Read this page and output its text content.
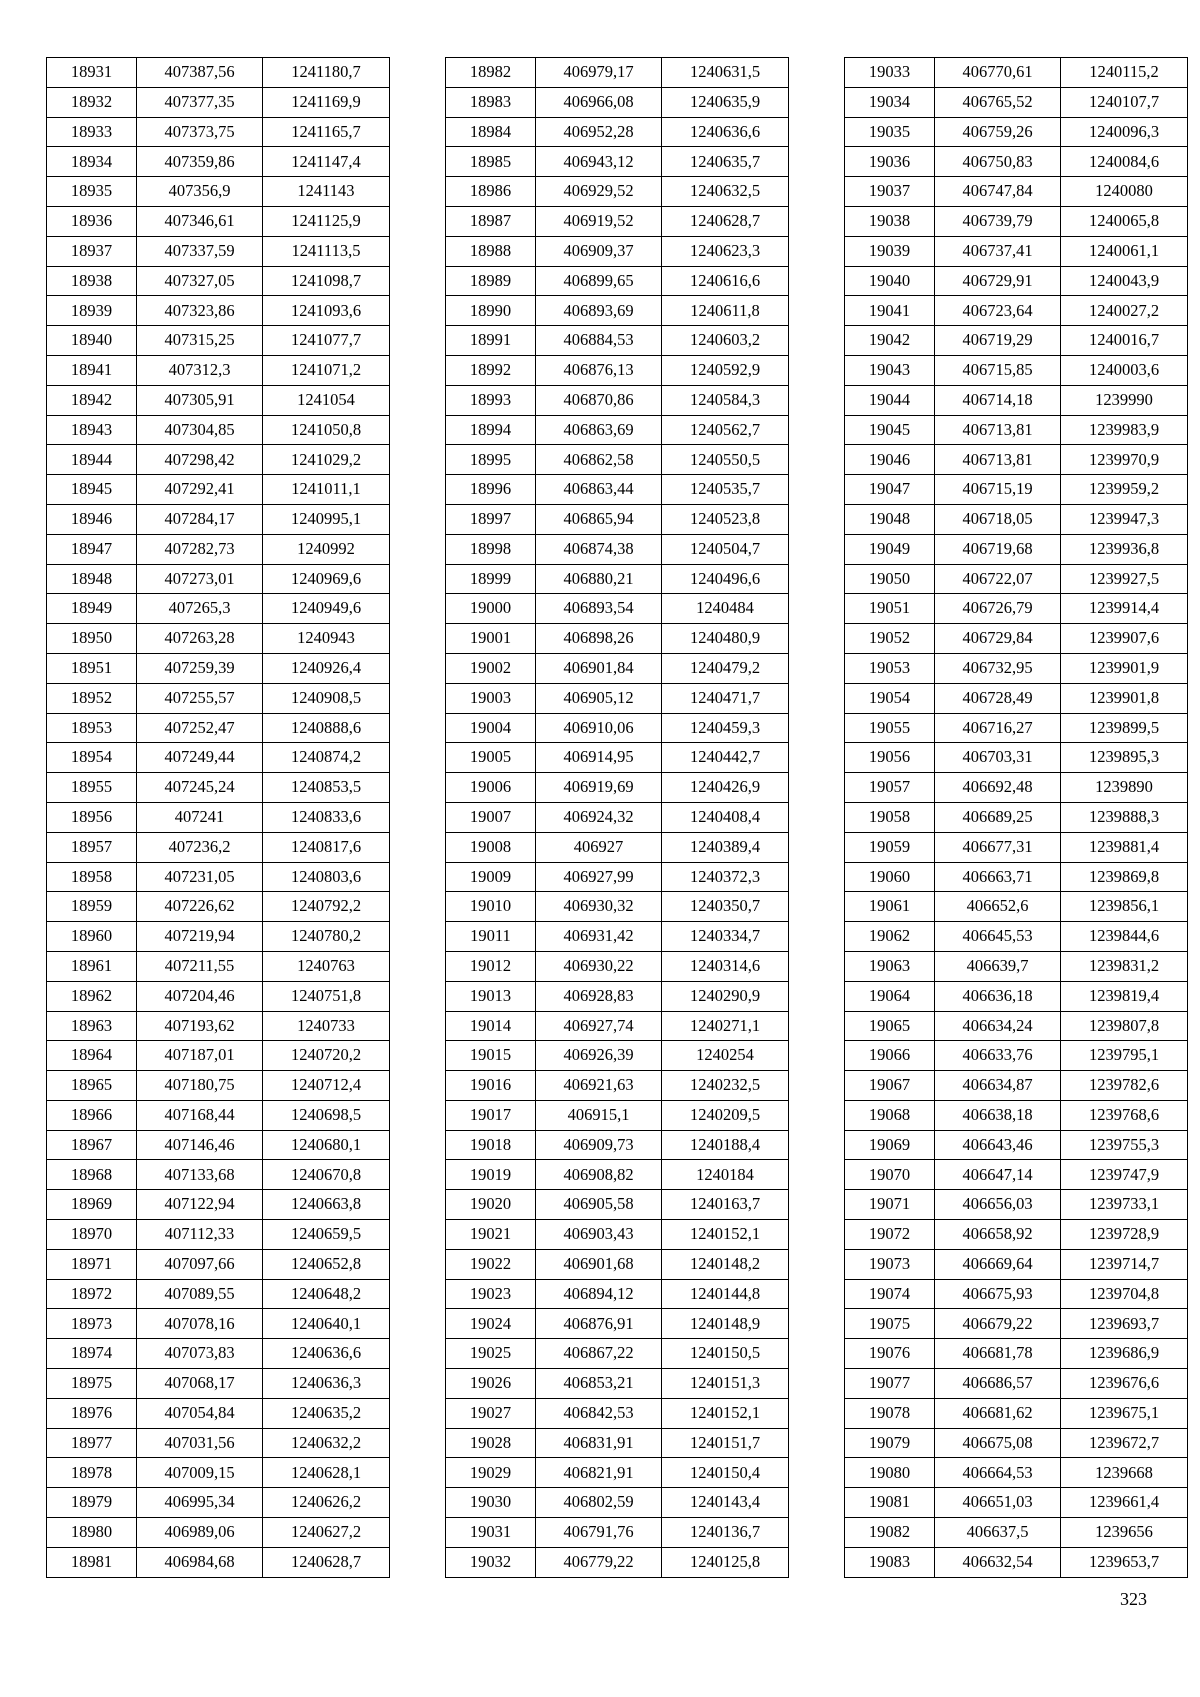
18931	407387,56	1241180,7
18932	407377,35	1241169,9
18933	407373,75	1241165,7
18934	407359,86	1241147,4
18935	407356,9	1241143
18936	407346,61	1241125,9
18937	407337,59	1241113,5
18938	407327,05	1241098,7
18939	407323,86	1241093,6
18940	407315,25	1241077,7
18941	407312,3	1241071,2
18942	407305,91	1241054
18943	407304,85	1241050,8
18944	407298,42	1241029,2
18945	407292,41	1241011,1
18946	407284,17	1240995,1
18947	407282,73	1240992
18948	407273,01	1240969,6
18949	407265,3	1240949,6
18950	407263,28	1240943
18951	407259,39	1240926,4
18952	407255,57	1240908,5
18953	407252,47	1240888,6
18954	407249,44	1240874,2
18955	407245,24	1240853,5
18956	407241	1240833,6
18957	407236,2	1240817,6
18958	407231,05	1240803,6
18959	407226,62	1240792,2
18960	407219,94	1240780,2
18961	407211,55	1240763
18962	407204,46	1240751,8
18963	407193,62	1240733
18964	407187,01	1240720,2
18965	407180,75	1240712,4
18966	407168,44	1240698,5
18967	407146,46	1240680,1
18968	407133,68	1240670,8
18969	407122,94	1240663,8
18970	407112,33	1240659,5
18971	407097,66	1240652,8
18972	407089,55	1240648,2
18973	407078,16	1240640,1
18974	407073,83	1240636,6
18975	407068,17	1240636,3
18976	407054,84	1240635,2
18977	407031,56	1240632,2
18978	407009,15	1240628,1
18979	406995,34	1240626,2
18980	406989,06	1240627,2
18981	406984,68	1240628,7
18982	406979,17	1240631,5
18983	406966,08	1240635,9
18984	406952,28	1240636,6
18985	406943,12	1240635,7
18986	406929,52	1240632,5
18987	406919,52	1240628,7
18988	406909,37	1240623,3
18989	406899,65	1240616,6
18990	406893,69	1240611,8
18991	406884,53	1240603,2
18992	406876,13	1240592,9
18993	406870,86	1240584,3
18994	406863,69	1240562,7
18995	406862,58	1240550,5
18996	406863,44	1240535,7
18997	406865,94	1240523,8
18998	406874,38	1240504,7
18999	406880,21	1240496,6
19000	406893,54	1240484
19001	406898,26	1240480,9
19002	406901,84	1240479,2
19003	406905,12	1240471,7
19004	406910,06	1240459,3
19005	406914,95	1240442,7
19006	406919,69	1240426,9
19007	406924,32	1240408,4
19008	406927	1240389,4
19009	406927,99	1240372,3
19010	406930,32	1240350,7
19011	406931,42	1240334,7
19012	406930,22	1240314,6
19013	406928,83	1240290,9
19014	406927,74	1240271,1
19015	406926,39	1240254
19016	406921,63	1240232,5
19017	406915,1	1240209,5
19018	406909,73	1240188,4
19019	406908,82	1240184
19020	406905,58	1240163,7
19021	406903,43	1240152,1
19022	406901,68	1240148,2
19023	406894,12	1240144,8
19024	406876,91	1240148,9
19025	406867,22	1240150,5
19026	406853,21	1240151,3
19027	406842,53	1240152,1
19028	406831,91	1240151,7
19029	406821,91	1240150,4
19030	406802,59	1240143,4
19031	406791,76	1240136,7
19032	406779,22	1240125,8
19033	406770,61	1240115,2
19034	406765,52	1240107,7
19035	406759,26	1240096,3
19036	406750,83	1240084,6
19037	406747,84	1240080
19038	406739,79	1240065,8
19039	406737,41	1240061,1
19040	406729,91	1240043,9
19041	406723,64	1240027,2
19042	406719,29	1240016,7
19043	406715,85	1240003,6
19044	406714,18	1239990
19045	406713,81	1239983,9
19046	406713,81	1239970,9
19047	406715,19	1239959,2
19048	406718,05	1239947,3
19049	406719,68	1239936,8
19050	406722,07	1239927,5
19051	406726,79	1239914,4
19052	406729,84	1239907,6
19053	406732,95	1239901,9
19054	406728,49	1239901,8
19055	406716,27	1239899,5
19056	406703,31	1239895,3
19057	406692,48	1239890
19058	406689,25	1239888,3
19059	406677,31	1239881,4
19060	406663,71	1239869,8
19061	406652,6	1239856,1
19062	406645,53	1239844,6
19063	406639,7	1239831,2
19064	406636,18	1239819,4
19065	406634,24	1239807,8
19066	406633,76	1239795,1
19067	406634,87	1239782,6
19068	406638,18	1239768,6
19069	406643,46	1239755,3
19070	406647,14	1239747,9
19071	406656,03	1239733,1
19072	406658,92	1239728,9
19073	406669,64	1239714,7
19074	406675,93	1239704,8
19075	406679,22	1239693,7
19076	406681,78	1239686,9
19077	406686,57	1239676,6
19078	406681,62	1239675,1
19079	406675,08	1239672,7
19080	406664,53	1239668
19081	406651,03	1239661,4
19082	406637,5	1239656
19083	406632,54	1239653,7
323
